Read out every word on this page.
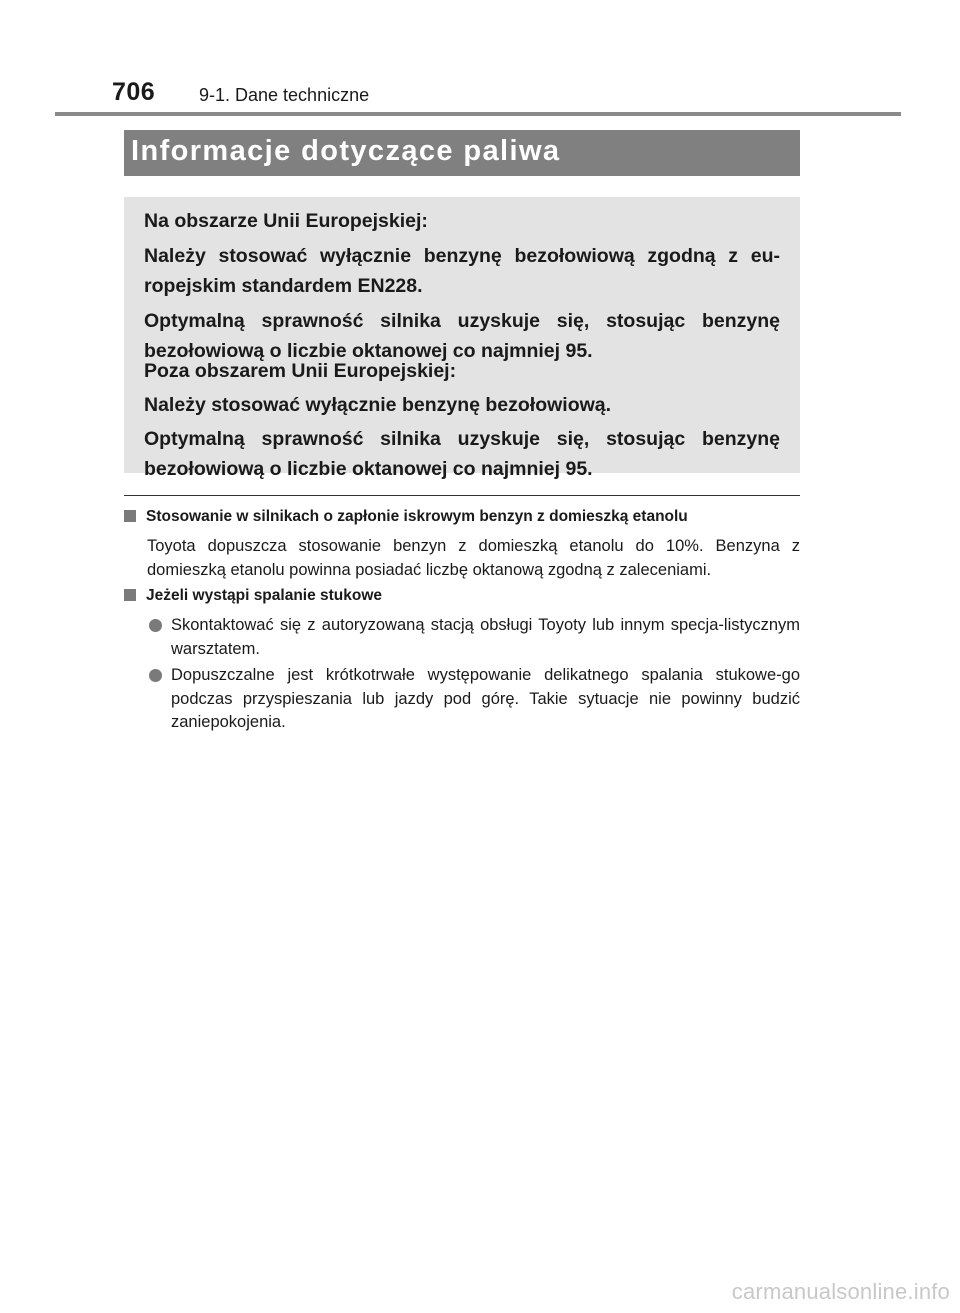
706 9-1. Dane techniczne
Informacje dotyczące paliwa

Na obszarze Unii Europejskiej:

Należy stosować wyłącznie benzynę bezołowiową zgodną z eu-ropejskim standardem EN228.

Optymalną sprawność silnika uzyskuje się, stosując benzynę bezołowiową o liczbie oktanowej co najmniej 95.

Poza obszarem Unii Europejskiej:

Należy stosować wyłącznie benzynę bezołowiową.

Optymalną sprawność silnika uzyskuje się, stosując benzynę bezołowiową o liczbie oktanowej co najmniej 95.

Stosowanie w silnikach o zapłonie iskrowym benzyn z domieszką etanolu

Toyota dopuszcza stosowanie benzyn z domieszką etanolu do 10%. Benzyna z domieszką etanolu powinna posiadać liczbę oktanową zgodną z zaleceniami.

Jeżeli wystąpi spalanie stukowe

Skontaktować się z autoryzowaną stacją obsługi Toyoty lub innym specja-listycznym warsztatem.

Dopuszczalne jest krótkotrwałe występowanie delikatnego spalania stukowe-go podczas przyspieszania lub jazdy pod górę. Takie sytuacje nie powinny budzić zaniepokojenia.

carmanualsonline.info
